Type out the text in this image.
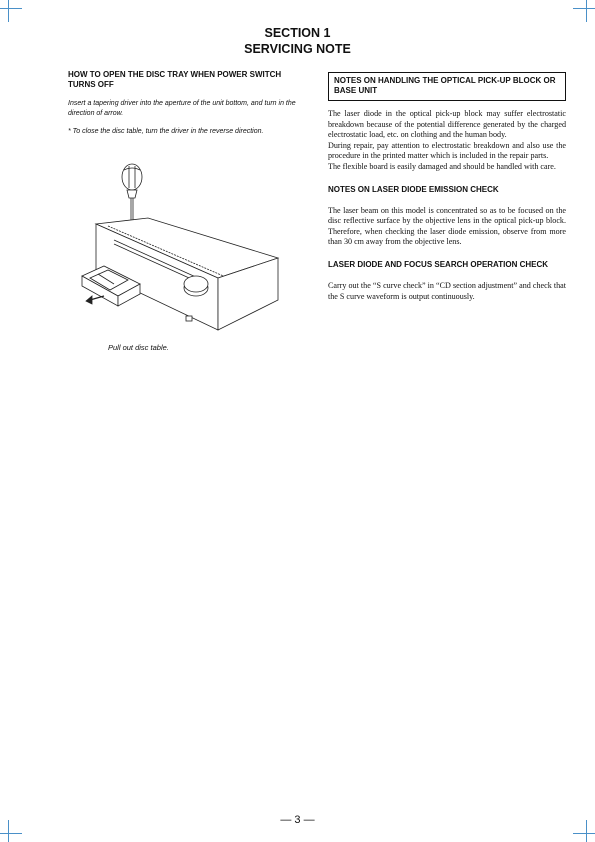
SECTION 1
SERVICING NOTE

HOW TO OPEN THE DISC TRAY WHEN POWER SWITCH TURNS OFF

Insert a tapering driver into the aperture of the unit bottom, and turn in the direction of arrow.

* To close the disc table, turn the driver in the reverse direction.

Pull out disc table.
NOTES ON HANDLING THE OPTICAL PICK-UP BLOCK OR BASE UNIT

The laser diode in the optical pick-up block may suffer electrostatic breakdown because of the potential difference generated by the charged electrostatic load, etc. on clothing and the human body.

During repair, pay attention to electrostatic breakdown and also use the procedure in the printed matter which is included in the repair parts.

The flexible board is easily damaged and should be handled with care.

NOTES ON LASER DIODE EMISSION CHECK

The laser beam on this model is concentrated so as to be focused on the disc reflective surface by the objective lens in the optical pick-up block. Therefore, when checking the laser diode emission, observe from more than 30 cm away from the objective lens.

LASER DIODE AND FOCUS SEARCH OPERATION CHECK

Carry out the “S curve check” in “CD section adjustment” and check that the S curve waveform is output continuously.

— 3 —
